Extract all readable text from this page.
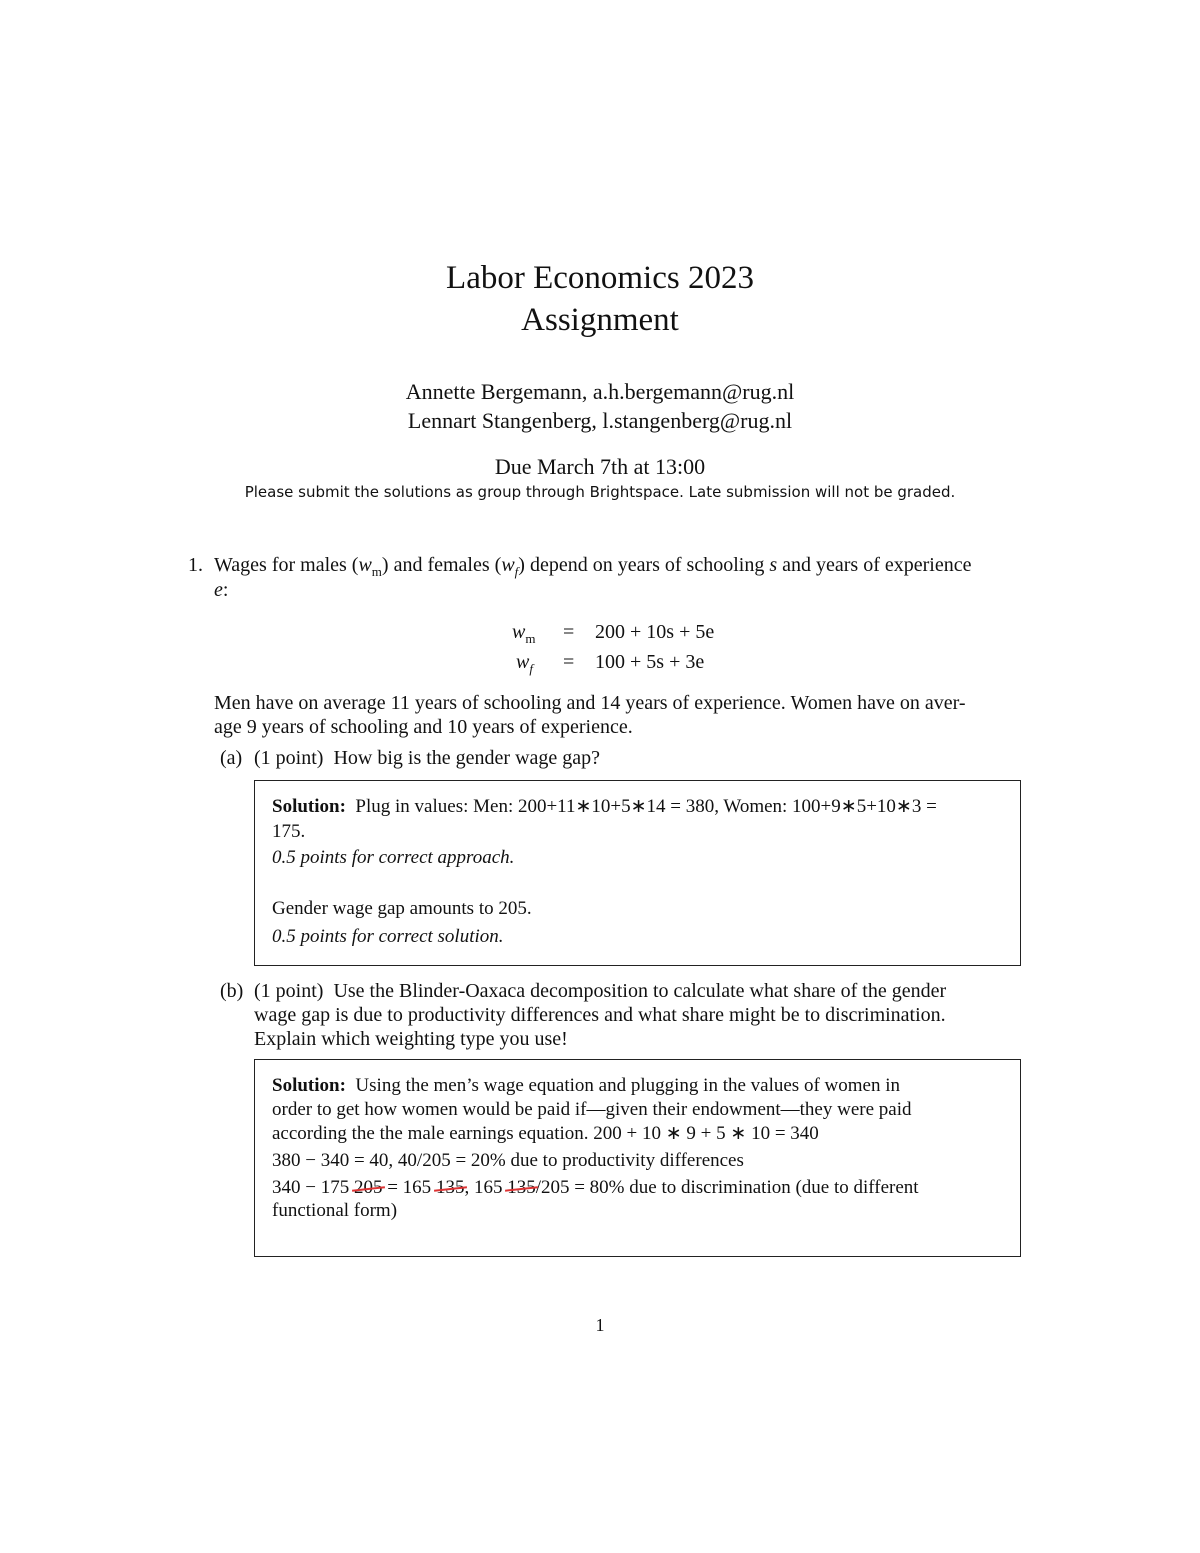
Labor Economics 2023
Assignment
Annette Bergemann, a.h.bergemann@rug.nl
Lennart Stangenberg, l.stangenberg@rug.nl
Due March 7th at 13:00
Please submit the solutions as group through Brightspace. Late submission will not be graded.
1. Wages for males $(w_m)$ and females $(w_f)$ depend on years of schooling s and years of experience
e:
$w_m = 200 + 10s + 5e$
$w_f = 100 + 5s + 3e$
Men have on average 11 years of schooling and 14 years of experience. Women have on aver-
age 9 years of schooling and 10 years of experience.
(a) (1 point) How big is the gender wage gap?
Solution: Plug in values: Men: 200+11∗10+5∗14 = 380, Women: 100+9∗5+10∗3 =
175.
0.5 points for correct approach.
Gender wage gap amounts to 205.
0.5 points for correct solution.
(b) (1 point) Use the Blinder-Oaxaca decomposition to calculate what share of the gender
wage gap is due to productivity differences and what share might be to discrimination.
Explain which weighting type you use!
Solution: Using the men’s wage equation and plugging in the values of women in
order to get how women would be paid if—given their endowment—they were paid
according the the male earnings equation. 200 + 10 ∗ 9 + 5 ∗ 10 = 340
380 − 340 = 40, 40/205 = 20% due to productivity differences
340 − 175 205 = 165 135, 165 135/205 = 80% due to discrimination (due to different
functional form)
1
